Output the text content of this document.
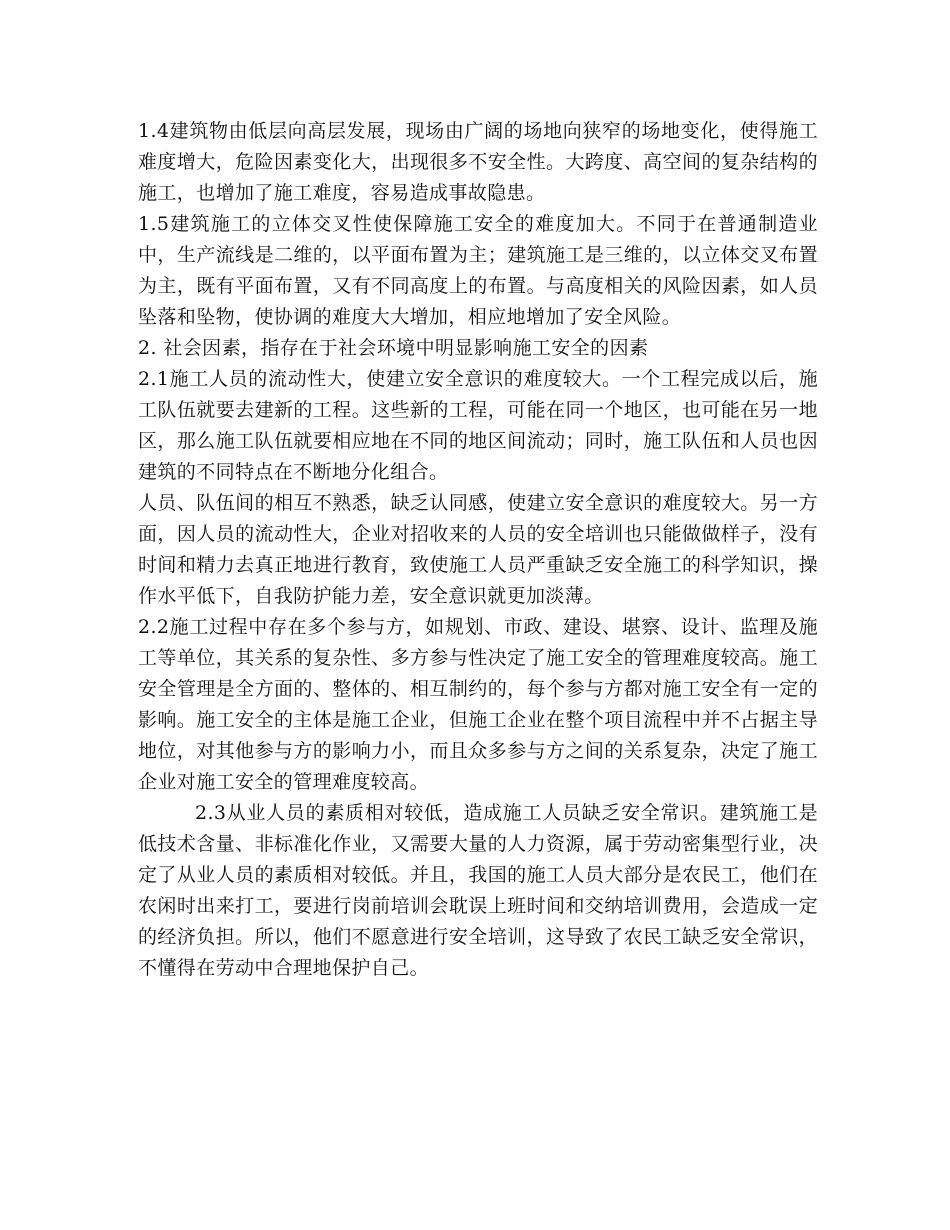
1.4建筑物由低层向高层发展，现场由广阔的场地向狭窄的场地变化，使得施工难度增大，危险因素变化大，出现很多不安全性。大跨度、高空间的复杂结构的施工，也增加了施工难度，容易造成事故隐患。

1.5建筑施工的立体交叉性使保障施工安全的难度加大。不同于在普通制造业中，生产流线是二维的，以平面布置为主；建筑施工是三维的，以立体交叉布置为主，既有平面布置，又有不同高度上的布置。与高度相关的风险因素，如人员坠落和坠物，使协调的难度大大增加，相应地增加了安全风险。

2. 社会因素，指存在于社会环境中明显影响施工安全的因素

2.1施工人员的流动性大，使建立安全意识的难度较大。一个工程完成以后，施工队伍就要去建新的工程。这些新的工程，可能在同一个地区，也可能在另一地区，那么施工队伍就要相应地在不同的地区间流动；同时，施工队伍和人员也因建筑的不同特点在不断地分化组合。

人员、队伍间的相互不熟悉，缺乏认同感，使建立安全意识的难度较大。另一方面，因人员的流动性大，企业对招收来的人员的安全培训也只能做做样子，没有时间和精力去真正地进行教育，致使施工人员严重缺乏安全施工的科学知识，操作水平低下，自我防护能力差，安全意识就更加淡薄。

2.2施工过程中存在多个参与方，如规划、市政、建设、堪察、设计、监理及施工等单位，其关系的复杂性、多方参与性决定了施工安全的管理难度较高。施工安全管理是全方面的、整体的、相互制约的，每个参与方都对施工安全有一定的影响。施工安全的主体是施工企业，但施工企业在整个项目流程中并不占据主导地位，对其他参与方的影响力小，而且众多参与方之间的关系复杂，决定了施工企业对施工安全的管理难度较高。

2.3从业人员的素质相对较低，造成施工人员缺乏安全常识。建筑施工是低技术含量、非标准化作业，又需要大量的人力资源，属于劳动密集型行业，决定了从业人员的素质相对较低。并且，我国的施工人员大部分是农民工，他们在农闲时出来打工，要进行岗前培训会耽误上班时间和交纳培训费用，会造成一定的经济负担。所以，他们不愿意进行安全培训，这导致了农民工缺乏安全常识，不懂得在劳动中合理地保护自己。
